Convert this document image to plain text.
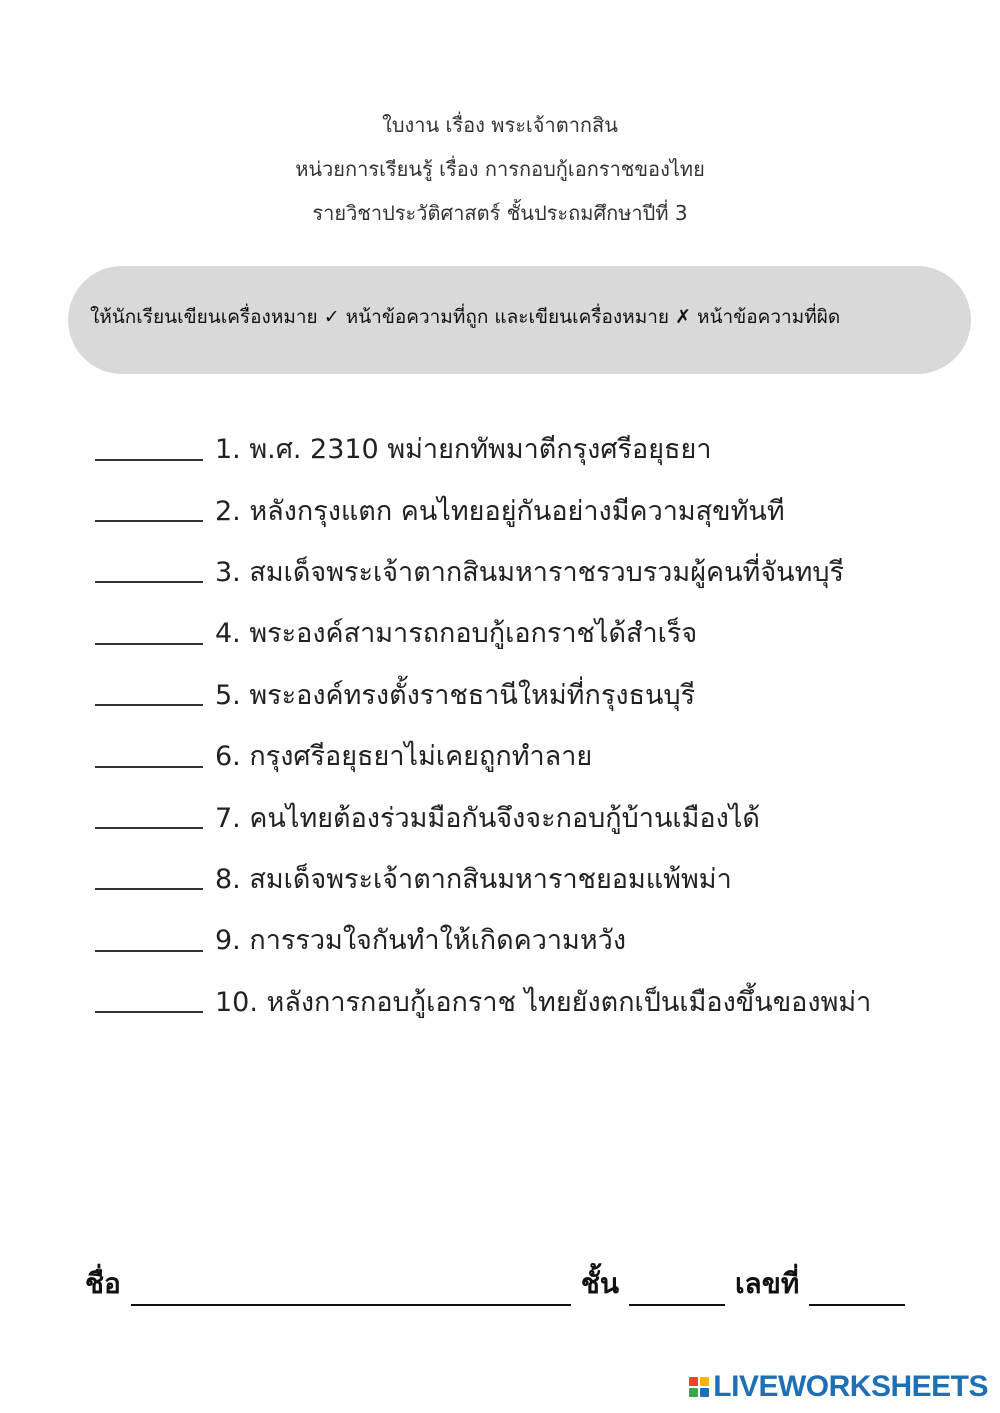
ใบงาน เรื่อง พระเจ้าตากสิน
หน่วยการเรียนรู้ เรื่อง การกอบกู้เอกราชของไทย
รายวิชาประวัติศาสตร์ ชั้นประถมศึกษาปีที่ 3
ให้นักเรียนเขียนเครื่องหมาย ✓ หน้าข้อความที่ถูก และเขียนเครื่องหมาย ✗ หน้าข้อความที่ผิด
1. พ.ศ. 2310 พม่ายกทัพมาตีกรุงศรีอยุธยา
2. หลังกรุงแตก คนไทยอยู่กันอย่างมีความสุขทันที
3. สมเด็จพระเจ้าตากสินมหาราชรวบรวมผู้คนที่จันทบุรี
4. พระองค์สามารถกอบกู้เอกราชได้สำเร็จ
5. พระองค์ทรงตั้งราชธานีใหม่ที่กรุงธนบุรี
6. กรุงศรีอยุธยาไม่เคยถูกทำลาย
7. คนไทยต้องร่วมมือกันจึงจะกอบกู้บ้านเมืองได้
8. สมเด็จพระเจ้าตากสินมหาราชยอมแพ้พม่า
9. การรวมใจกันทำให้เกิดความหวัง
10. หลังการกอบกู้เอกราช ไทยยังตกเป็นเมืองขึ้นของพม่า
ชื่อ	ชั้น	เลขที่
LIVEWORKSHEETS
